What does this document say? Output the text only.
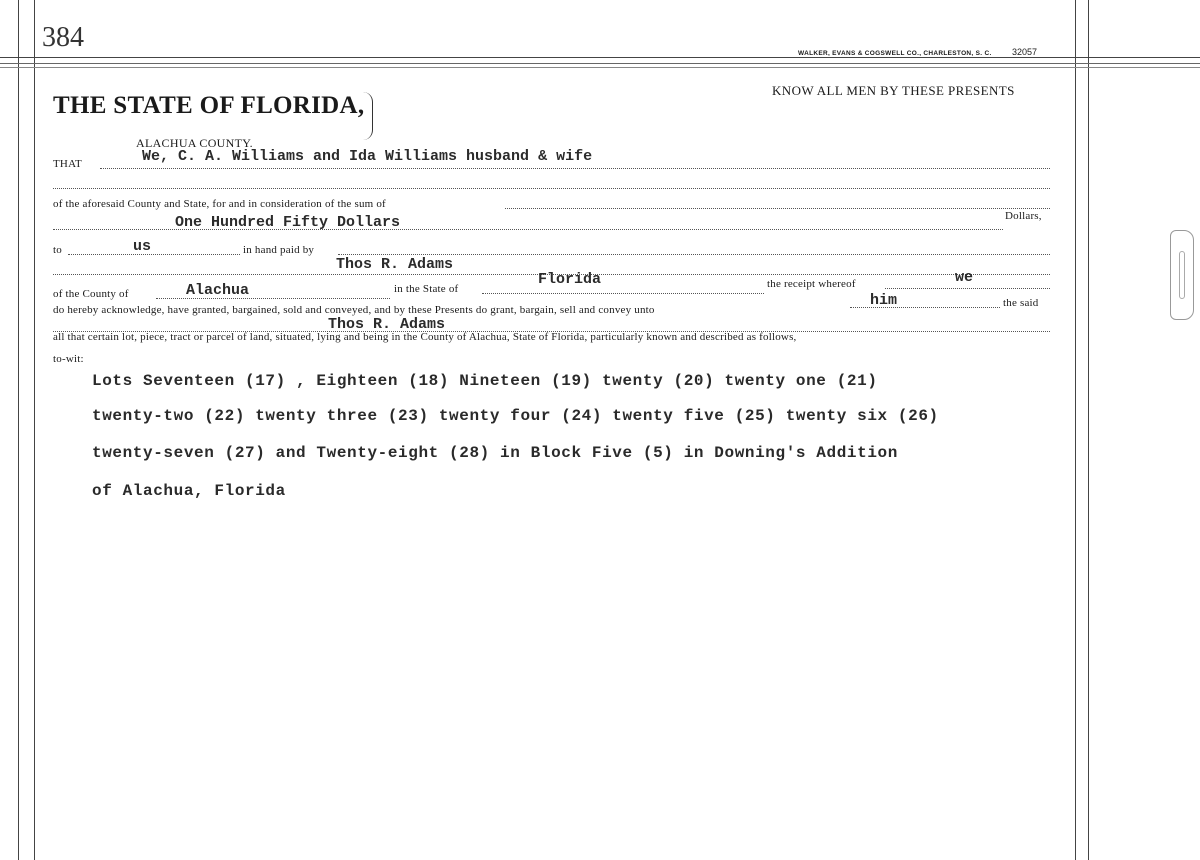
384
WALKER, EVANS & COGSWELL CO., CHARLESTON, S. C. 32057
THE STATE OF FLORIDA,
KNOW ALL MEN BY THESE PRESENTS
ALACHUA COUNTY.
THAT	We, C. A. Williams and Ida Williams husband & wife
of the aforesaid County and State, for and in consideration of the sum of
One Hundred Fifty Dollars	Dollars,
to	us	in hand paid by
Thos R. Adams
of the County of	Alachua	in the State of
Florida	the receipt whereof	we
do hereby acknowledge, have granted, bargained, sold and conveyed, and by these Presents do grant, bargain, sell and convey unto
him	the said
Thos R. Adams
all that certain lot, piece, tract or parcel of land, situated, lying and being in the County of Alachua, State of Florida, particularly known and described as follows,
to-wit:
Lots Seventeen (17) , Eighteen (18) Nineteen (19) twenty (20) twenty one (21)
twenty-two (22) twenty three (23) twenty four (24) twenty five (25) twenty six (26)
twenty-seven (27) and Twenty-eight (28) in Block Five (5) in Downing's Addition
of Alachua, Florida
